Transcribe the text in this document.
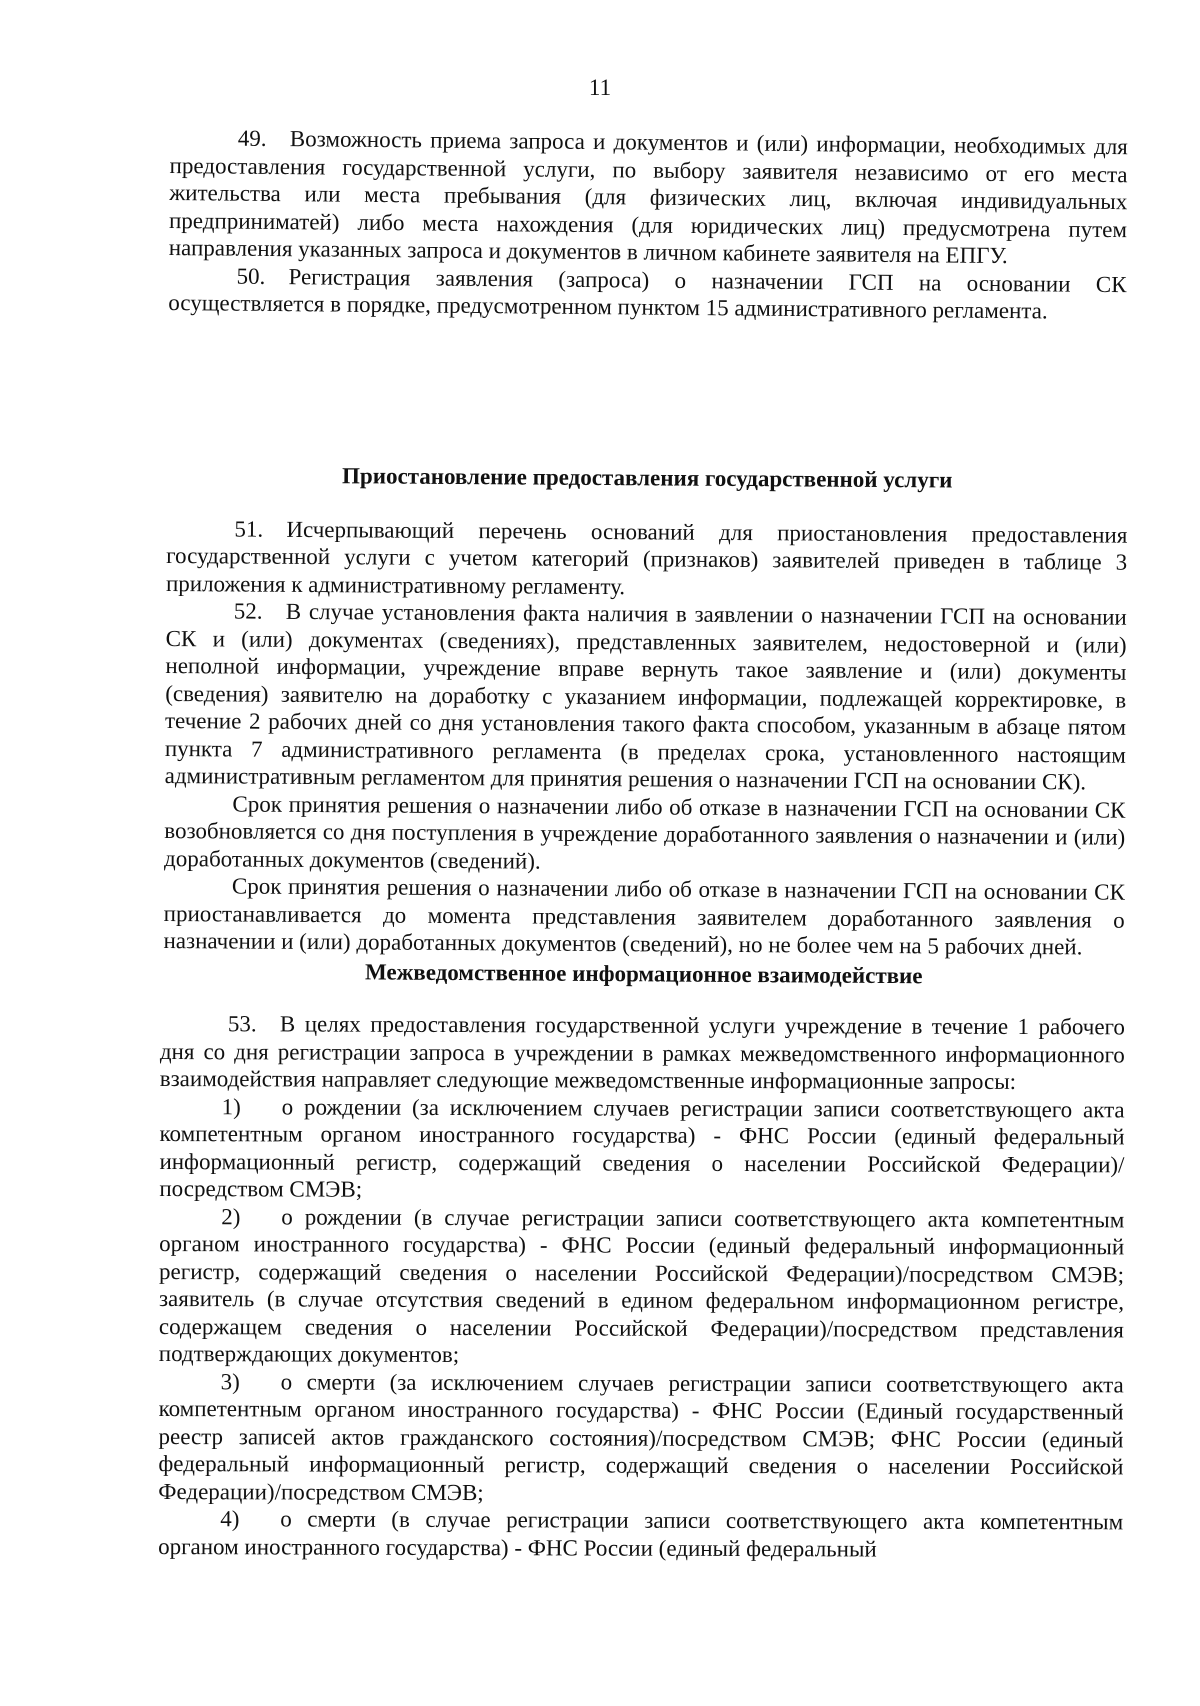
11

49. Возможность приема запроса и документов и (или) информации, необходимых для предоставления государственной услуги, по выбору заявителя независимо от его места жительства или места пребывания (для физических лиц, включая индивидуальных предприниматей) либо места нахождения (для юридических лиц) предусмотрена путем направления указанных запроса и документов в личном кабинете заявителя на ЕПГУ.

50. Регистрация заявления (запроса) о назначении ГСП на основании СК осуществляется в порядке, предусмотренном пунктом 15 административного регламента.

Приостановление предоставления государственной услуги

51. Исчерпывающий перечень оснований для приостановления предоставления государственной услуги с учетом категорий (признаков) заявителей приведен в таблице 3 приложения к административному регламенту.

52. В случае установления факта наличия в заявлении о назначении ГСП на основании СК и (или) документах (сведениях), представленных заявителем, недостоверной и (или) неполной информации, учреждение вправе вернуть такое заявление и (или) документы (сведения) заявителю на доработку с указанием информации, подлежащей корректировке, в течение 2 рабочих дней со дня установления такого факта способом, указанным в абзаце пятом пункта 7 административного регламента (в пределах срока, установленного настоящим административным регламентом для принятия решения о назначении ГСП на основании СК).

Срок принятия решения о назначении либо об отказе в назначении ГСП на основании СК возобновляется со дня поступления в учреждение доработанного заявления о назначении и (или) доработанных документов (сведений).

Срок принятия решения о назначении либо об отказе в назначении ГСП на основании СК приостанавливается до момента представления заявителем доработанного заявления о назначении и (или) доработанных документов (сведений), но не более чем на 5 рабочих дней.

Межведомственное информационное взаимодействие

53. В целях предоставления государственной услуги учреждение в течение 1 рабочего дня со дня регистрации запроса в учреждении в рамках межведомственного информационного взаимодействия направляет следующие межведомственные информационные запросы:

1) о рождении (за исключением случаев регистрации записи соответствующего акта компетентным органом иностранного государства) - ФНС России (единый федеральный информационный регистр, содержащий сведения о населении Российской Федерации)/посредством СМЭВ;

2) о рождении (в случае регистрации записи соответствующего акта компетентным органом иностранного государства) - ФНС России (единый федеральный информационный регистр, содержащий сведения о населении Российской Федерации)/посредством СМЭВ; заявитель (в случае отсутствия сведений в едином федеральном информационном регистре, содержащем сведения о населении Российской Федерации)/посредством представления подтверждающих документов;

3) о смерти (за исключением случаев регистрации записи соответствующего акта компетентным органом иностранного государства) - ФНС России (Единый государственный реестр записей актов гражданского состояния)/посредством СМЭВ; ФНС России (единый федеральный информационный регистр, содержащий сведения о населении Российской Федерации)/посредством СМЭВ;

4) о смерти (в случае регистрации записи соответствующего акта компетентным органом иностранного государства) - ФНС России (единый федеральный
